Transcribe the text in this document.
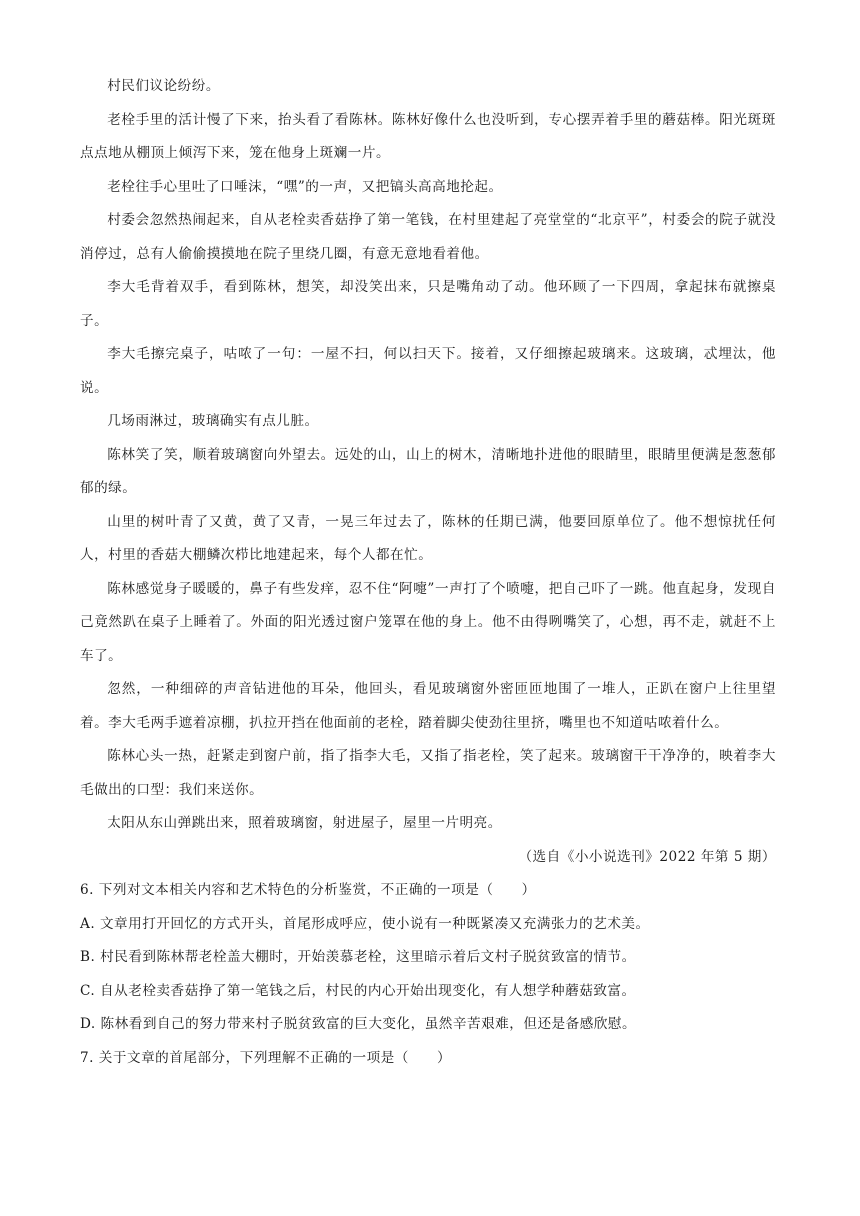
村民们议论纷纷。

老栓手里的活计慢了下来，抬头看了看陈林。陈林好像什么也没听到，专心摆弄着手里的蘑菇棒。阳光斑斑点点地从棚顶上倾泻下来，笼在他身上斑斓一片。

老栓往手心里吐了口唾沫，“嘿”的一声，又把镐头高高地抡起。

村委会忽然热闹起来，自从老栓卖香菇挣了第一笔钱，在村里建起了亮堂堂的“北京平”，村委会的院子就没消停过，总有人偷偷摸摸地在院子里绕几圈，有意无意地看着他。

李大毛背着双手，看到陈林，想笑，却没笑出来，只是嘴角动了动。他环顾了一下四周，拿起抹布就擦桌子。

李大毛擦完桌子，咕哝了一句：一屋不扫，何以扫天下。接着，又仔细擦起玻璃来。这玻璃，忒埋汰，他说。

几场雨淋过，玻璃确实有点儿脏。

陈林笑了笑，顺着玻璃窗向外望去。远处的山，山上的树木，清晰地扑进他的眼睛里，眼睛里便满是葱葱郁郁的绿。

山里的树叶青了又黄，黄了又青，一晃三年过去了，陈林的任期已满，他要回原单位了。他不想惊扰任何人，村里的香菇大棚鳞次栉比地建起来，每个人都在忙。

陈林感觉身子暖暖的，鼻子有些发痒，忍不住“阿嚏”一声打了个喷嚏，把自己吓了一跳。他直起身，发现自己竟然趴在桌子上睡着了。外面的阳光透过窗户笼罩在他的身上。他不由得咧嘴笑了，心想，再不走，就赶不上车了。

忽然，一种细碎的声音钻进他的耳朵，他回头，看见玻璃窗外密匝匝地围了一堆人，正趴在窗户上往里望着。李大毛两手遮着凉棚，扒拉开挡在他面前的老栓，踏着脚尖使劲往里挤，嘴里也不知道咕哝着什么。

陈林心头一热，赶紧走到窗户前，指了指李大毛，又指了指老栓，笑了起来。玻璃窗干干净净的，映着李大毛做出的口型：我们来送你。

太阳从东山弹跳出来，照着玻璃窗，射进屋子，屋里一片明亮。

（选自《小小说选刊》2022 年第 5 期）

6. 下列对文本相关内容和艺术特色的分析鉴赏，不正确的一项是（　　）

A. 文章用打开回忆的方式开头，首尾形成呼应，使小说有一种既紧凑又充满张力的艺术美。

B. 村民看到陈林帮老栓盖大棚时，开始羡慕老栓，这里暗示着后文村子脱贫致富的情节。

C. 自从老栓卖香菇挣了第一笔钱之后，村民的内心开始出现变化，有人想学种蘑菇致富。

D. 陈林看到自己的努力带来村子脱贫致富的巨大变化，虽然辛苦艰难，但还是备感欣慰。

7. 关于文章的首尾部分，下列理解不正确的一项是（　　）
